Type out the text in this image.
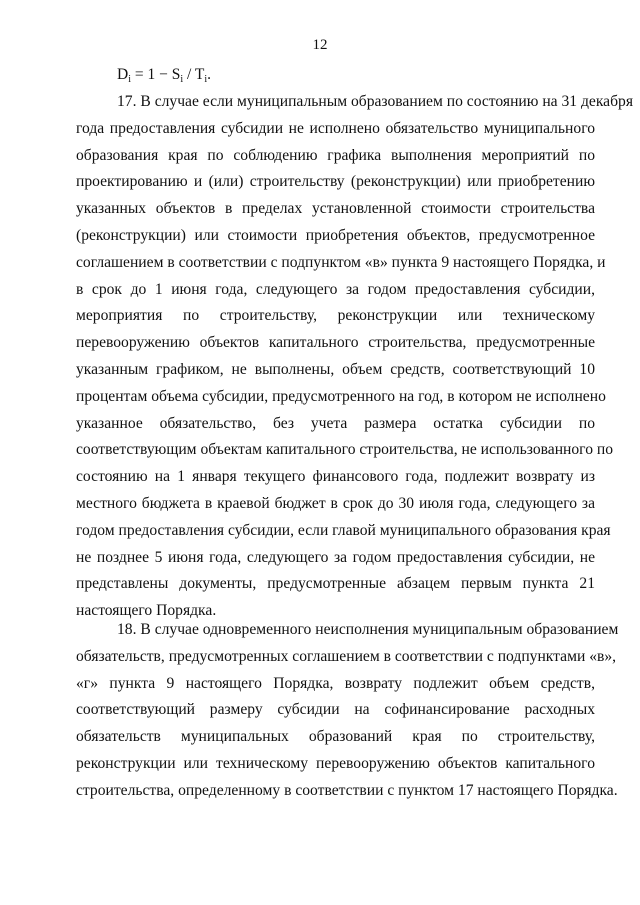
12
$D_i = 1 - S_i / T_i$.
17. В случае если муниципальным образованием по состоянию на 31 декабря
года предоставления субсидии не исполнено обязательство муниципального
образования края по соблюдению графика выполнения мероприятий по
проектированию и (или) строительству (реконструкции) или приобретению
указанных объектов в пределах установленной стоимости строительства
(реконструкции) или стоимости приобретения объектов, предусмотренное
соглашением в соответствии с подпунктом «в» пункта 9 настоящего Порядка, и
в срок до 1 июня года, следующего за годом предоставления субсидии,
мероприятия по строительству, реконструкции или техническому
перевооружению объектов капитального строительства, предусмотренные
указанным графиком, не выполнены, объем средств, соответствующий 10
процентам объема субсидии, предусмотренного на год, в котором не исполнено
указанное обязательство, без учета размера остатка субсидии по
соответствующим объектам капитального строительства, не использованного по
состоянию на 1 января текущего финансового года, подлежит возврату из
местного бюджета в краевой бюджет в срок до 30 июля года, следующего за
годом предоставления субсидии, если главой муниципального образования края
не позднее 5 июня года, следующего за годом предоставления субсидии, не
представлены документы, предусмотренные абзацем первым пункта 21
настоящего Порядка.
18. В случае одновременного неисполнения муниципальным образованием
обязательств, предусмотренных соглашением в соответствии с подпунктами «в»,
«г» пункта 9 настоящего Порядка, возврату подлежит объем средств,
соответствующий размеру субсидии на софинансирование расходных
обязательств муниципальных образований края по строительству,
реконструкции или техническому перевооружению объектов капитального
строительства, определенному в соответствии с пунктом 17 настоящего Порядка.
